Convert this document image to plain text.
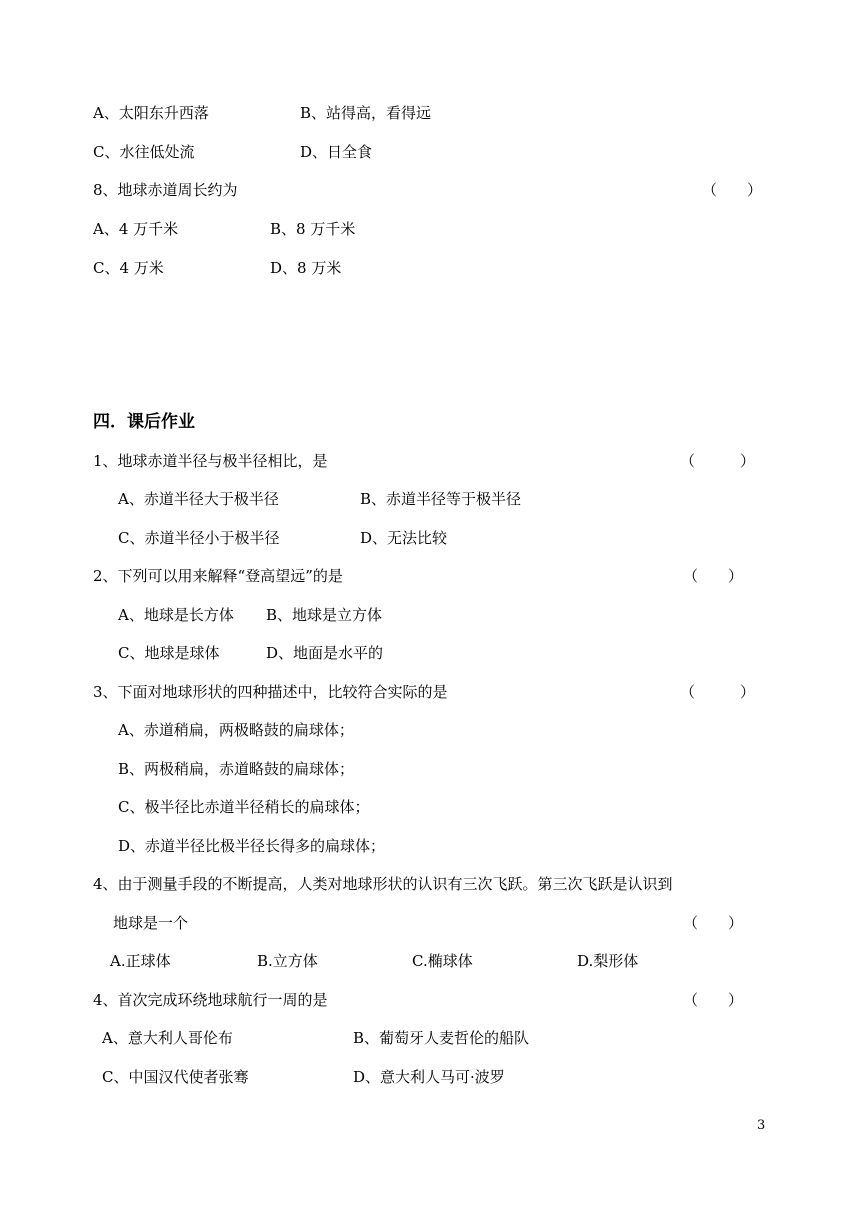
A、太阳东升西落	B、站得高，看得远
C、水往低处流	D、日全食
8、地球赤道周长约为	（　　）
A、4 万千米	B、8 万千米
C、4 万米	D、8 万米
四．课后作业
1、地球赤道半径与极半径相比，是	（　　　）
A、赤道半径大于极半径	B、赤道半径等于极半径
C、赤道半径小于极半径	D、无法比较
2、下列可以用来解释“登高望远”的是	（　　）
A、地球是长方体 B、地球是立方体
C、地球是球体	D、地面是水平的
3、下面对地球形状的四种描述中，比较符合实际的是	（　　　）
A、赤道稍扁，两极略鼓的扁球体；
B、两极稍扁，赤道略鼓的扁球体；
C、极半径比赤道半径稍长的扁球体；
D、赤道半径比极半径长得多的扁球体；
4、由于测量手段的不断提高，人类对地球形状的认识有三次飞跃。第三次飞跃是认识到
地球是一个	（　　）
A.正球体	B.立方体	C.椭球体	D.梨形体
4、首次完成环绕地球航行一周的是	（　　）
A、意大利人哥伦布	B、葡萄牙人麦哲伦的船队
C、中国汉代使者张骞	D、意大利人马可·波罗
3
